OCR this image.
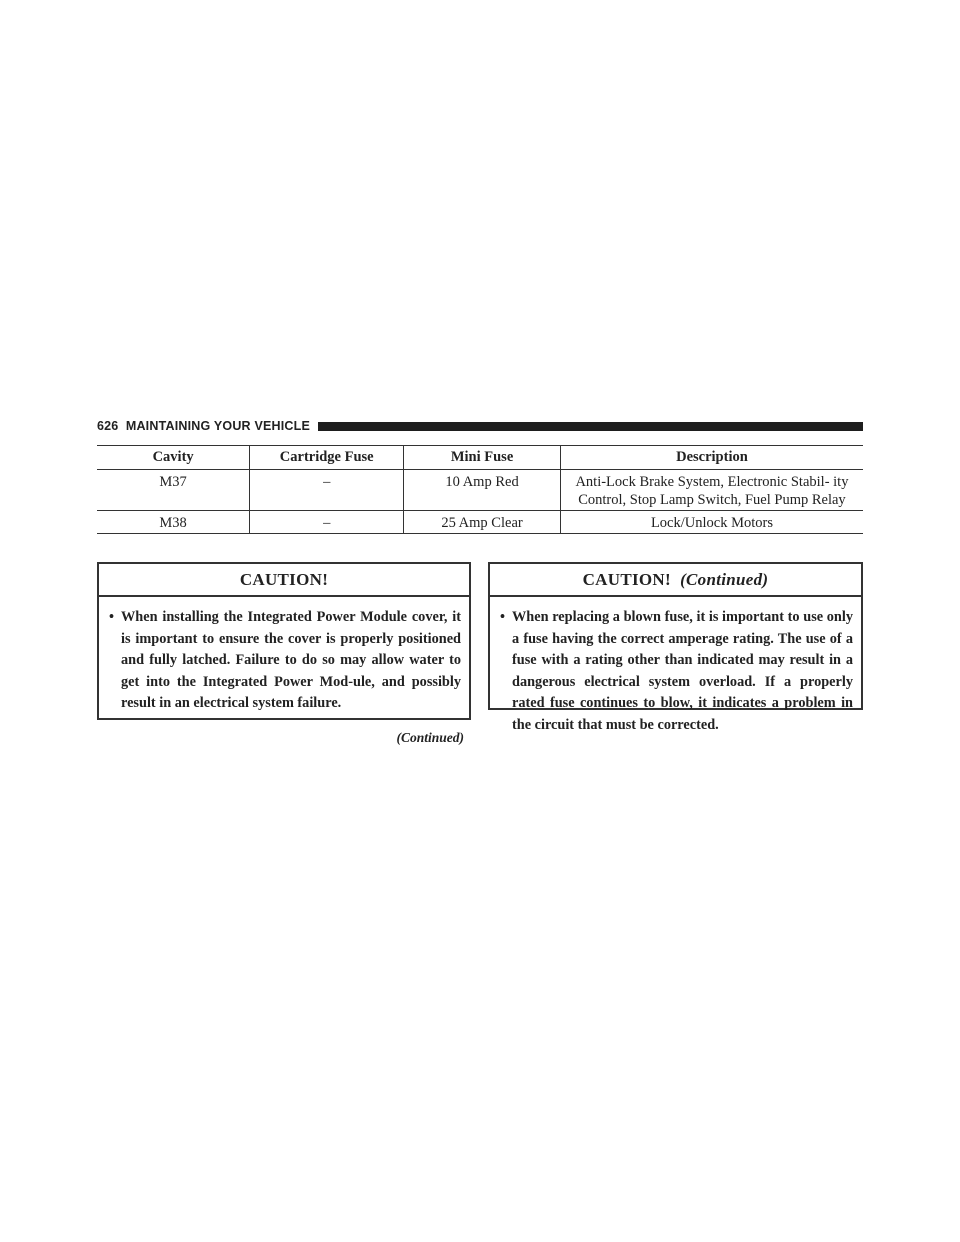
626 MAINTAINING YOUR VEHICLE
Cavity	Cartridge Fuse	Mini Fuse	Description
M37	–	10 Amp Red	Anti-Lock Brake System, Electronic Stabil- ity Control, Stop Lamp Switch, Fuel Pump Relay
M38	–	25 Amp Clear	Lock/Unlock Motors
CAUTION!
• When installing the Integrated Power Module cover, it is important to ensure the cover is properly positioned and fully latched. Failure to do so may allow water to get into the Integrated Power Mod-ule, and possibly result in an electrical system failure.
(Continued)
CAUTION! (Continued)
• When replacing a blown fuse, it is important to use only a fuse having the correct amperage rating. The use of a fuse with a rating other than indicated may result in a dangerous electrical system overload. If a properly rated fuse continues to blow, it indicates a problem in the circuit that must be corrected.
